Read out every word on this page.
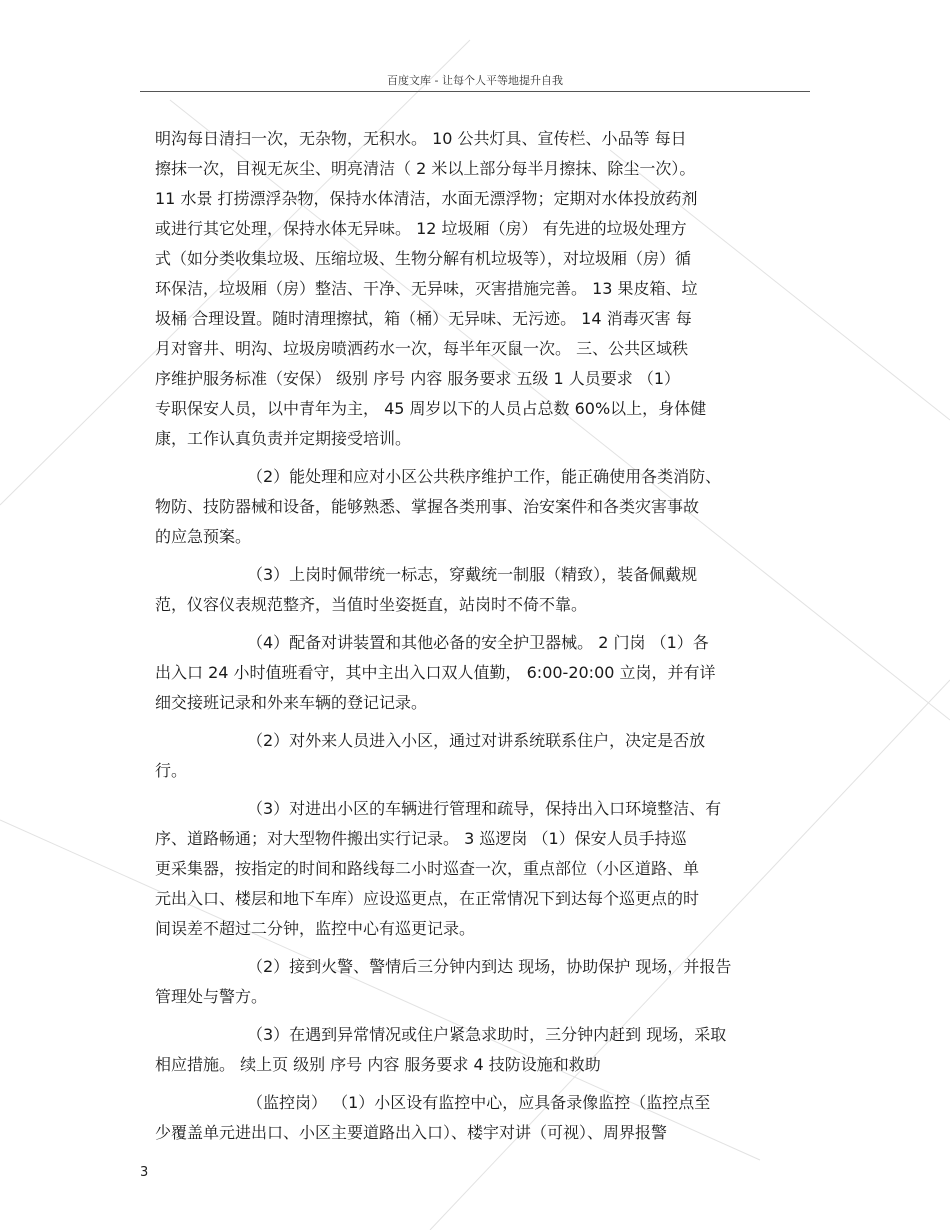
百度文库 - 让每个人平等地提升自我
明沟每日清扫一次，无杂物，无积水。 10 公共灯具、宣传栏、小品等 每日
擦抹一次，目视无灰尘、明亮清洁（ 2 米以上部分每半月擦抹、除尘一次）。
11 水景 打捞漂浮杂物，保持水体清洁，水面无漂浮物；定期对水体投放药剂
或进行其它处理，保持水体无异味。 12 垃圾厢（房） 有先进的垃圾处理方
式（如分类收集垃圾、压缩垃圾、生物分解有机垃圾等），对垃圾厢（房）循
环保洁，垃圾厢（房）整洁、干净、无异味，灭害措施完善。 13 果皮箱、垃
圾桶 合理设置。随时清理擦拭，箱（桶）无异味、无污迹。 14 消毒灭害 每
月对窨井、明沟、垃圾房喷洒药水一次，每半年灭鼠一次。 三、公共区域秩
序维护服务标准（安保） 级别 序号 内容 服务要求 五级 1 人员要求 （1）
专职保安人员，以中青年为主， 45 周岁以下的人员占总数 60%以上，身体健
康，工作认真负责并定期接受培训。
（2）能处理和应对小区公共秩序维护工作，能正确使用各类消防、
物防、技防器械和设备，能够熟悉、掌握各类刑事、治安案件和各类灾害事故
的应急预案。
（3）上岗时佩带统一标志，穿戴统一制服（精致），装备佩戴规
范，仪容仪表规范整齐，当值时坐姿挺直，站岗时不倚不靠。
（4）配备对讲装置和其他必备的安全护卫器械。 2 门岗 （1）各
出入口 24 小时值班看守，其中主出入口双人值勤， 6:00-20:00 立岗，并有详
细交接班记录和外来车辆的登记记录。
（2）对外来人员进入小区，通过对讲系统联系住户，决定是否放
行。
（3）对进出小区的车辆进行管理和疏导，保持出入口环境整洁、有
序、道路畅通；对大型物件搬出实行记录。 3 巡逻岗 （1）保安人员手持巡
更采集器，按指定的时间和路线每二小时巡查一次，重点部位（小区道路、单
元出入口、楼层和地下车库）应设巡更点，在正常情况下到达每个巡更点的时
间误差不超过二分钟，监控中心有巡更记录。
（2）接到火警、警情后三分钟内到达 现场，协助保护 现场，并报告
管理处与警方。
（3）在遇到异常情况或住户紧急求助时，三分钟内赶到 现场，采取
相应措施。 续上页 级别 序号 内容 服务要求 4 技防设施和救助
（监控岗） （1）小区设有监控中心，应具备录像监控（监控点至
少覆盖单元进出口、小区主要道路出入口）、楼宇对讲（可视）、周界报警
3
